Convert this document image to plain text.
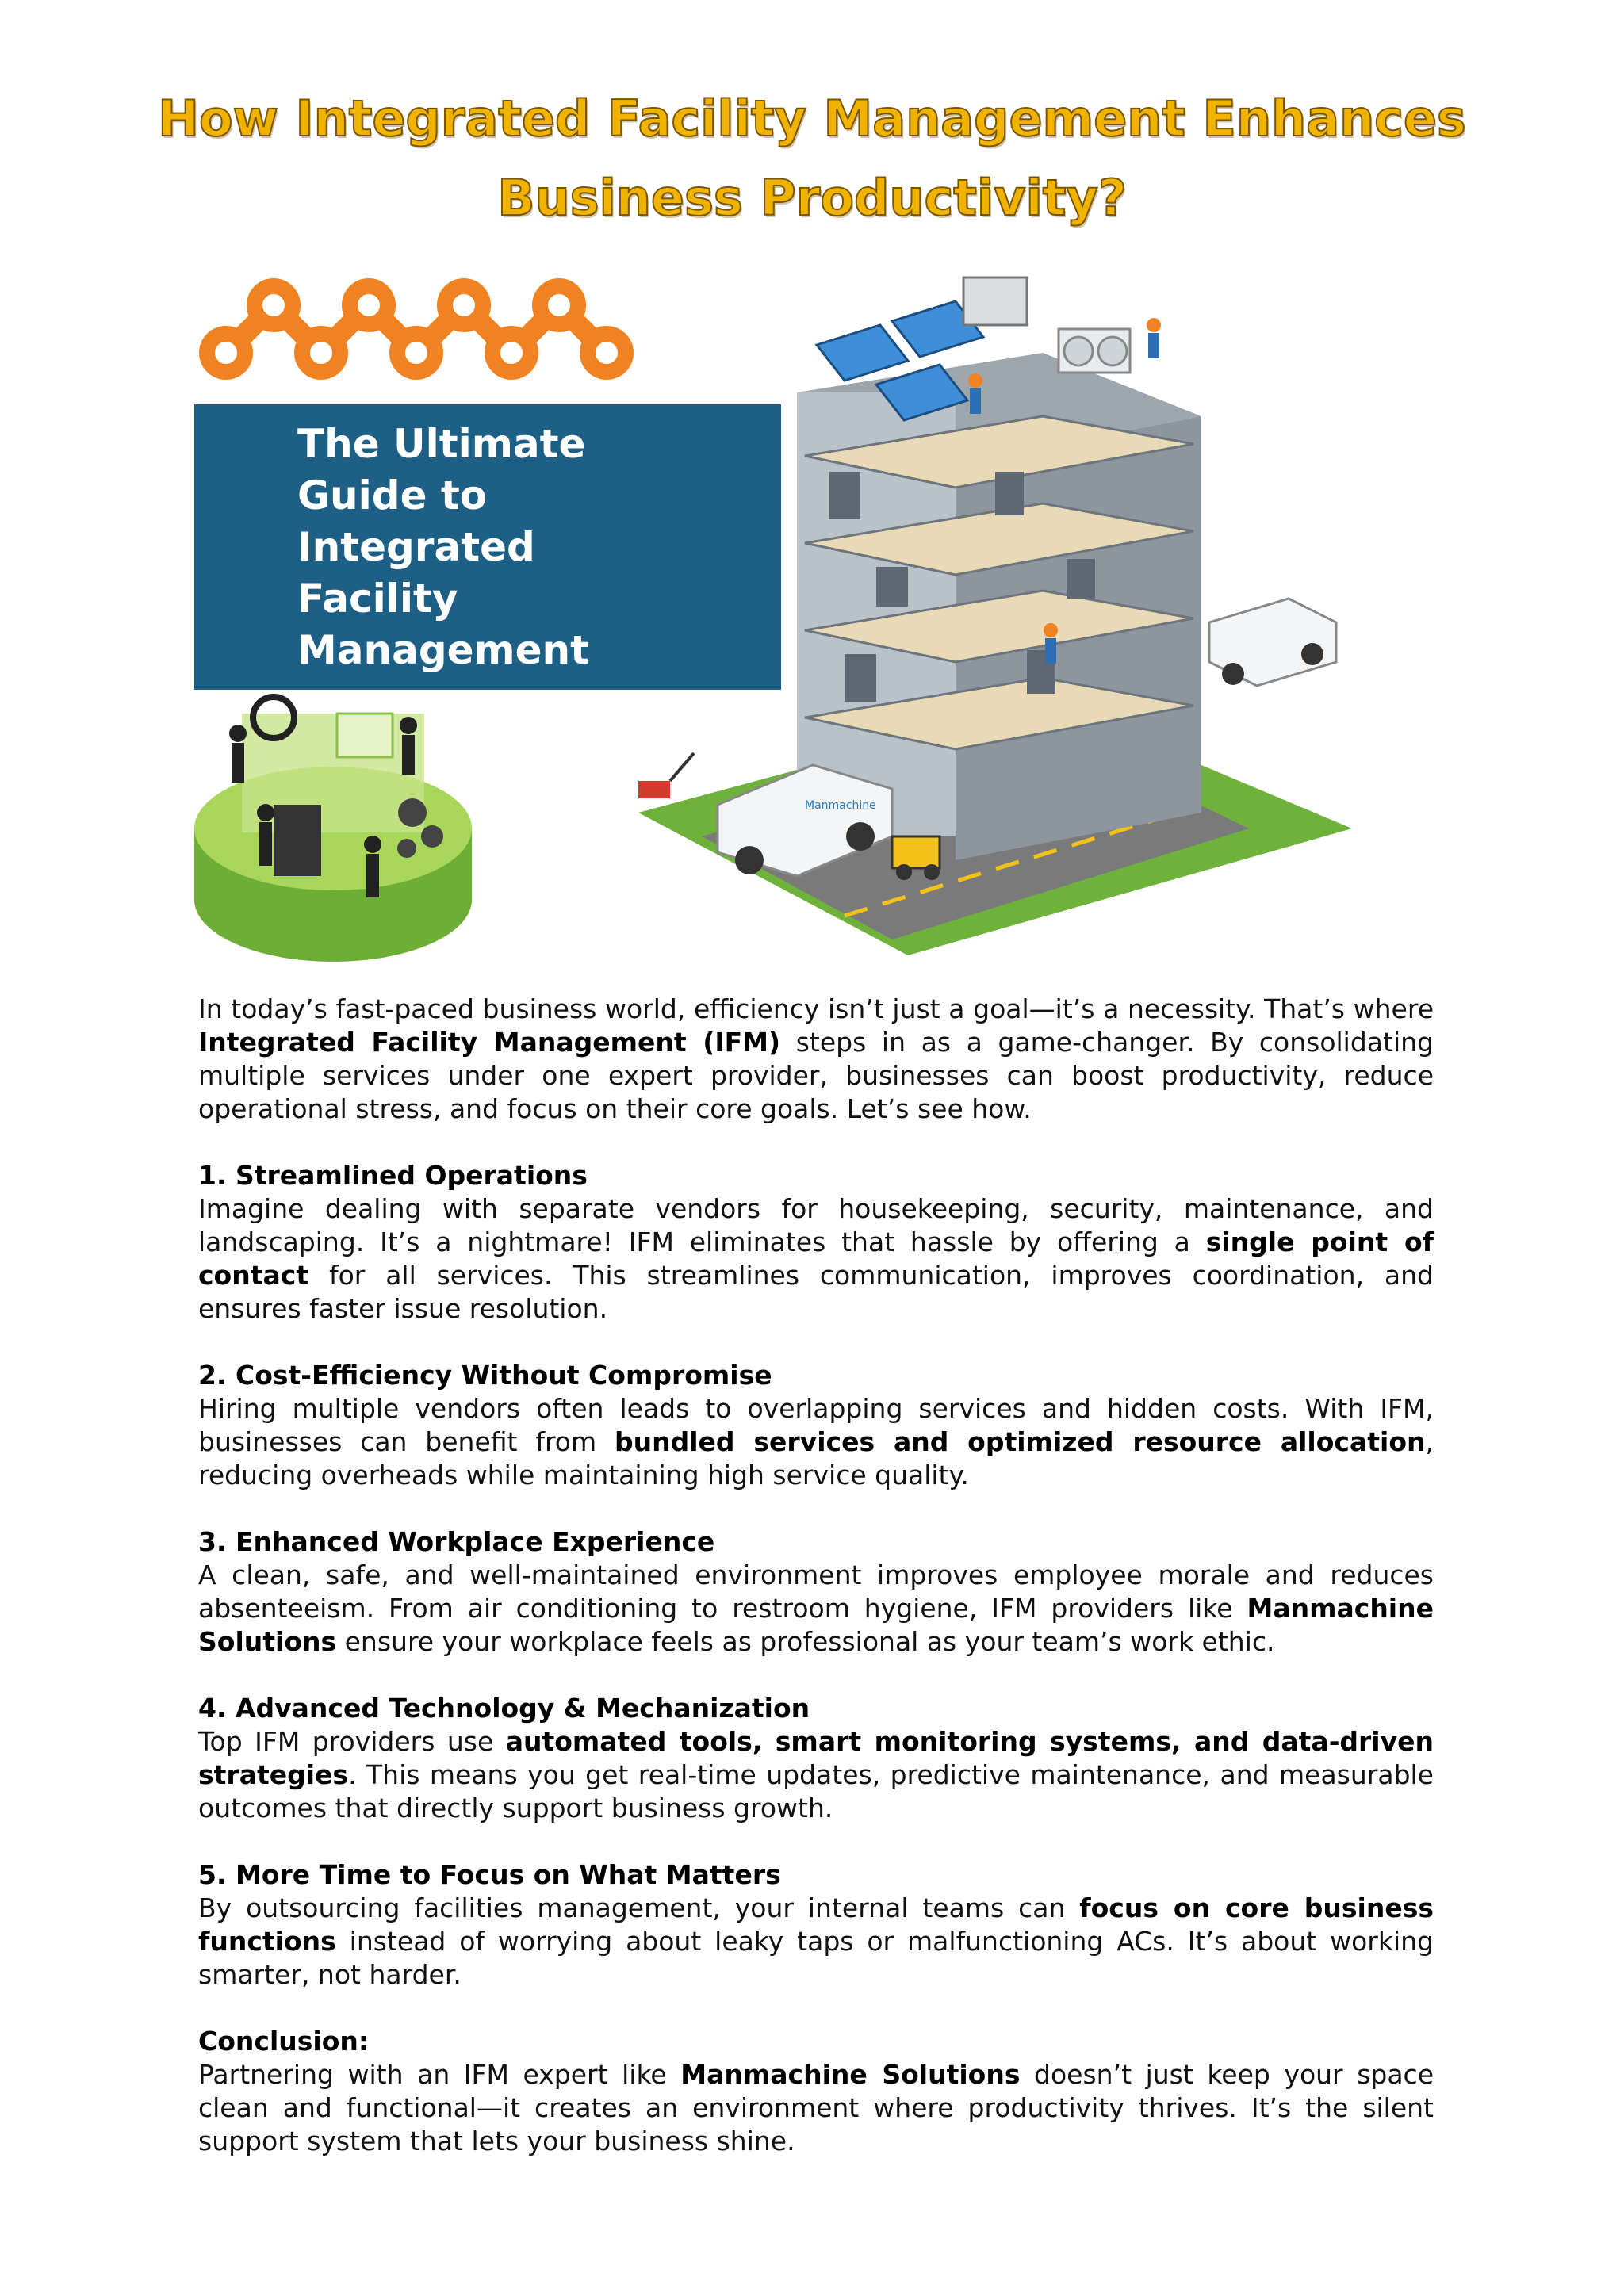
How Integrated Facility Management Enhances
Business Productivity?
The Ultimate
Guide to
Integrated
Facility
Management
Manmachine

In today’s fast-paced business world, efficiency isn’t just a goal—it’s a necessity. That’s where Integrated Facility Management (IFM) steps in as a game-changer. By consolidating multiple services under one expert provider, businesses can boost productivity, reduce operational stress, and focus on their core goals. Let’s see how.

1. Streamlined Operations

Imagine dealing with separate vendors for housekeeping, security, maintenance, and landscaping. It’s a nightmare! IFM eliminates that hassle by offering a single point of contact for all services. This streamlines communication, improves coordination, and ensures faster issue resolution.

2. Cost-Efficiency Without Compromise

Hiring multiple vendors often leads to overlapping services and hidden costs. With IFM, businesses can benefit from bundled services and optimized resource allocation, reducing overheads while maintaining high service quality.

3. Enhanced Workplace Experience

A clean, safe, and well-maintained environment improves employee morale and reduces absenteeism. From air conditioning to restroom hygiene, IFM providers like Manmachine Solutions ensure your workplace feels as professional as your team’s work ethic.

4. Advanced Technology & Mechanization

Top IFM providers use automated tools, smart monitoring systems, and data-driven strategies. This means you get real-time updates, predictive maintenance, and measurable outcomes that directly support business growth.

5. More Time to Focus on What Matters

By outsourcing facilities management, your internal teams can focus on core business functions instead of worrying about leaky taps or malfunctioning ACs. It’s about working smarter, not harder.

Conclusion:

Partnering with an IFM expert like Manmachine Solutions doesn’t just keep your space clean and functional—it creates an environment where productivity thrives. It’s the silent support system that lets your business shine.
